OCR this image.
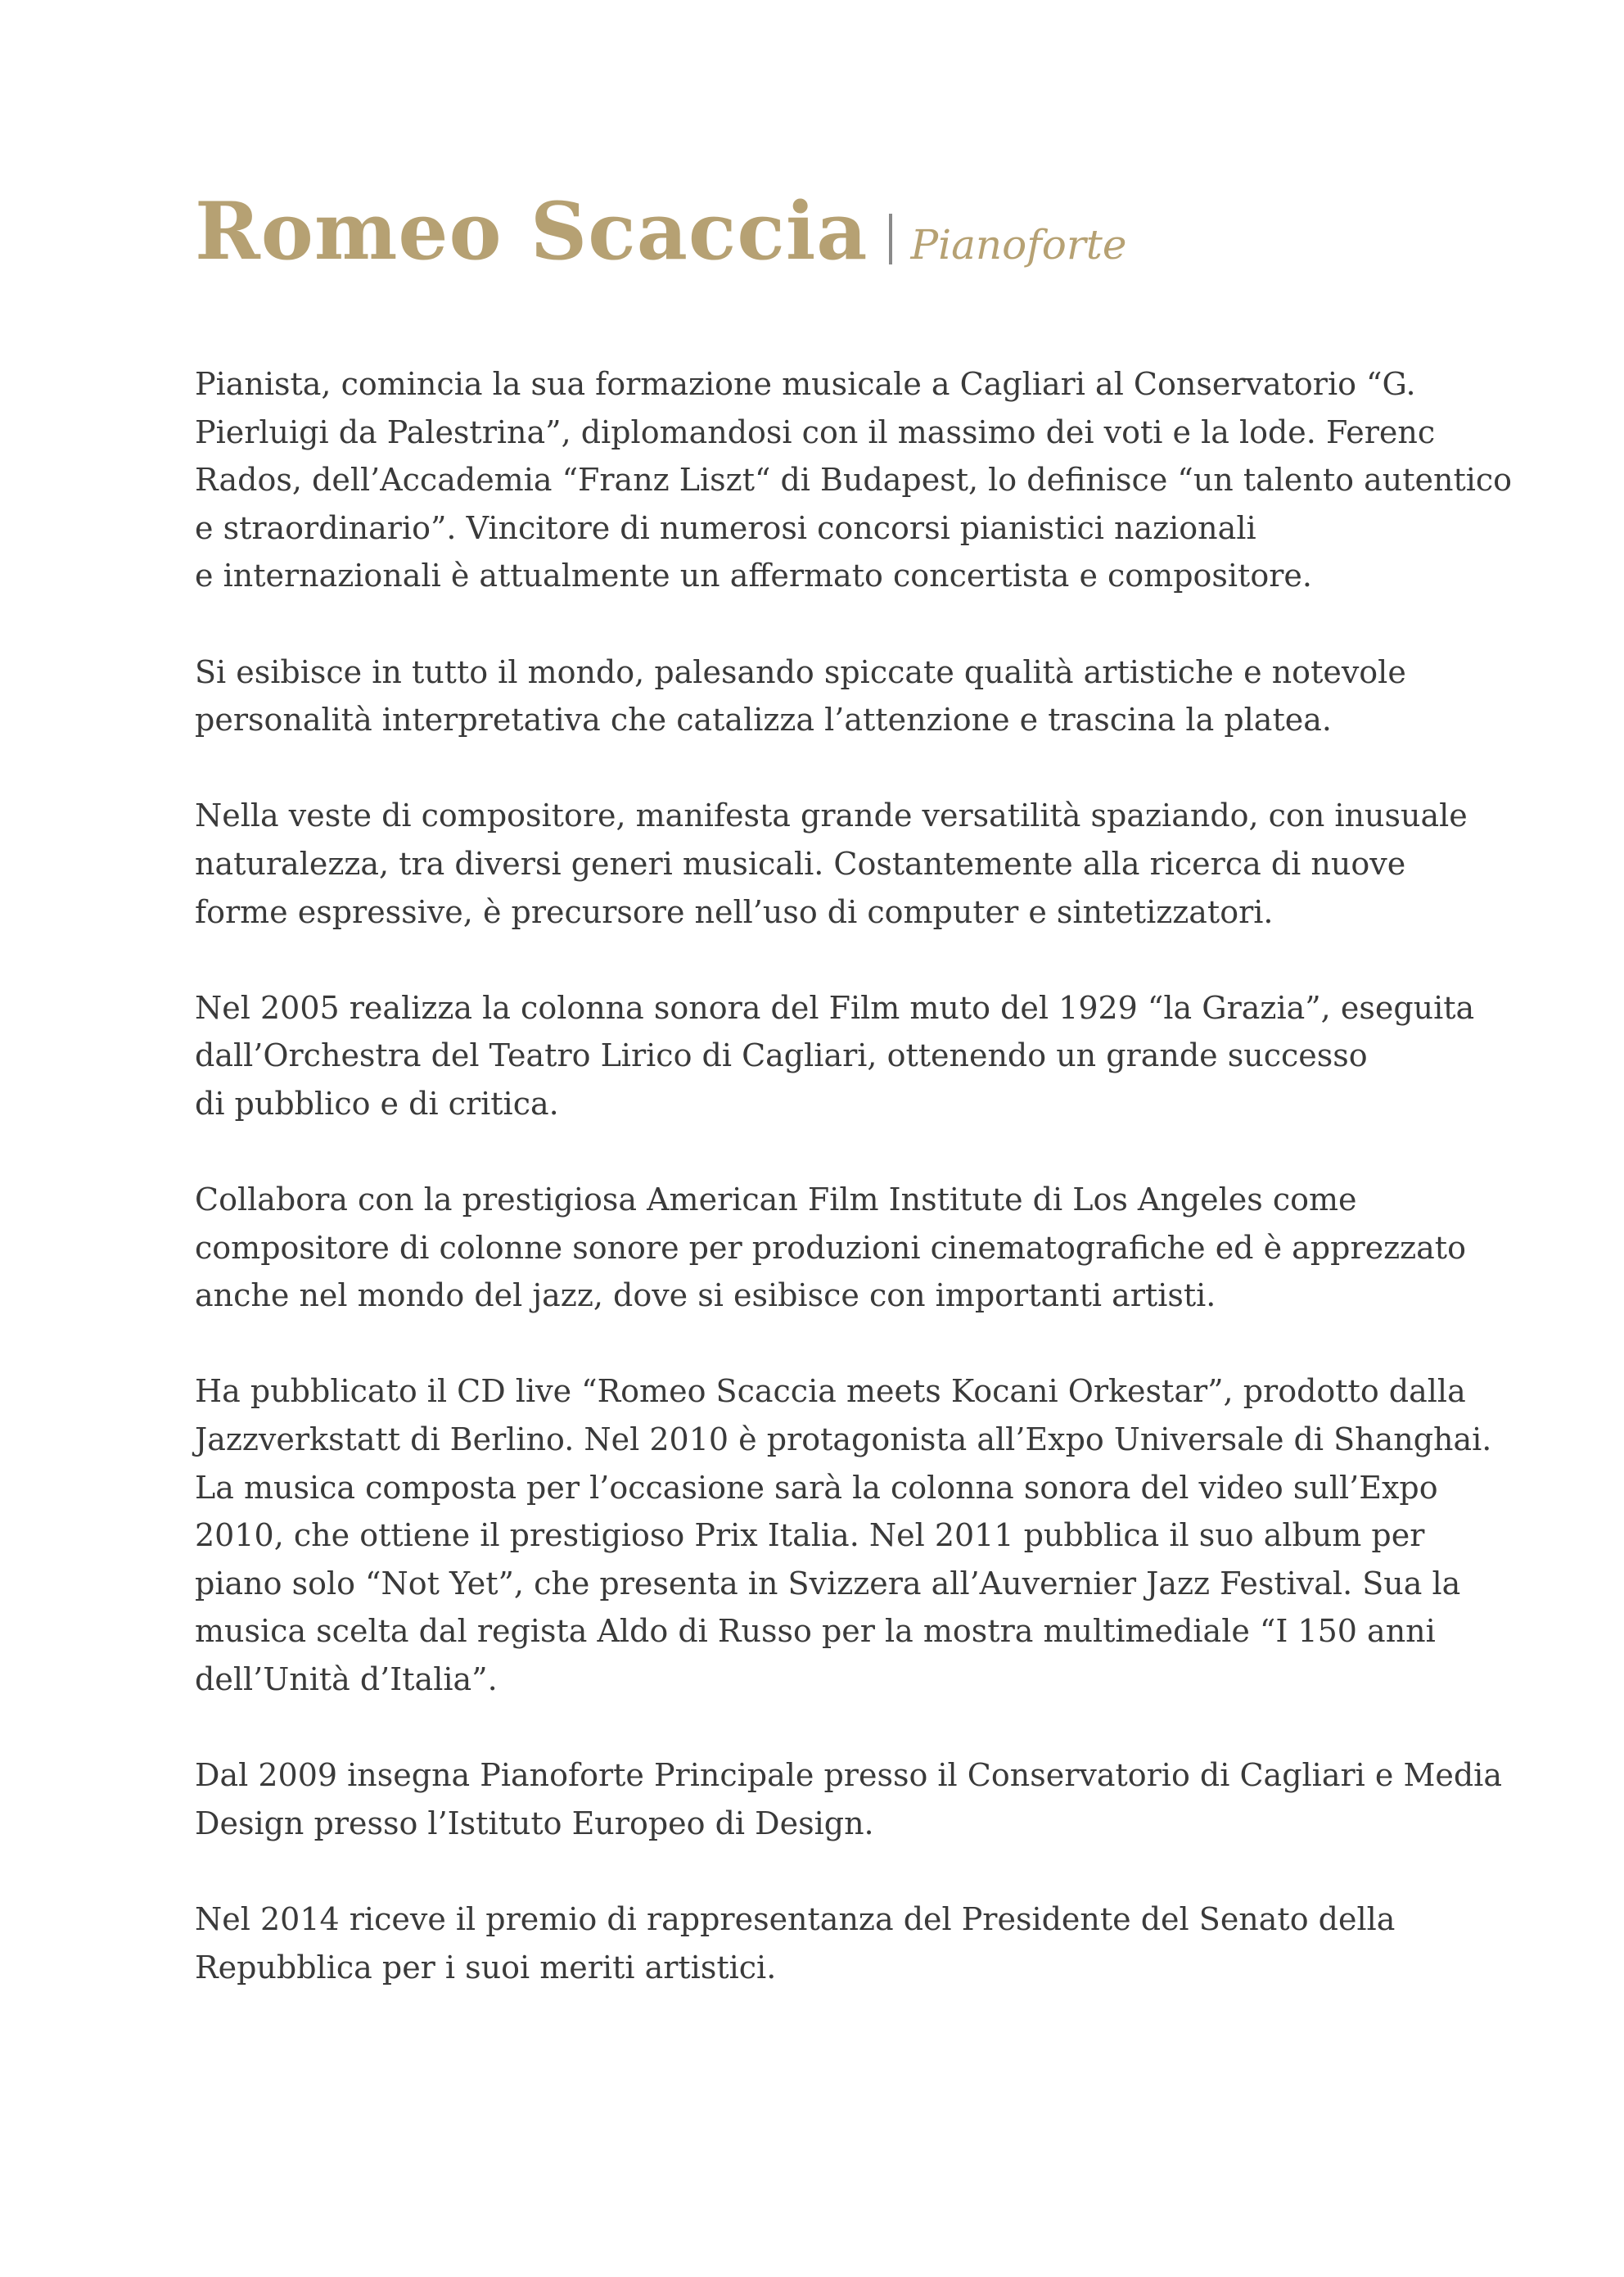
Romeo Scaccia Pianoforte

Pianista, comincia la sua formazione musicale a Cagliari al Conservatorio “G.
Pierluigi da Palestrina”, diplomandosi con il massimo dei voti e la lode. Ferenc
Rados, dell’Accademia “Franz Liszt“ di Budapest, lo definisce “un talento autentico
e straordinario”. Vincitore di numerosi concorsi pianistici nazionali
e internazionali è attualmente un affermato concertista e compositore.

Si esibisce in tutto il mondo, palesando spiccate qualità artistiche e notevole
personalità interpretativa che catalizza l’attenzione e trascina la platea.

Nella veste di compositore, manifesta grande versatilità spaziando, con inusuale
naturalezza, tra diversi generi musicali. Costantemente alla ricerca di nuove
forme espressive, è precursore nell’uso di computer e sintetizzatori.

Nel 2005 realizza la colonna sonora del Film muto del 1929 “la Grazia”, eseguita
dall’Orchestra del Teatro Lirico di Cagliari, ottenendo un grande successo
di pubblico e di critica.

Collabora con la prestigiosa American Film Institute di Los Angeles come
compositore di colonne sonore per produzioni cinematografiche ed è apprezzato
anche nel mondo del jazz, dove si esibisce con importanti artisti.

Ha pubblicato il CD live “Romeo Scaccia meets Kocani Orkestar”, prodotto dalla
Jazzverkstatt di Berlino. Nel 2010 è protagonista all’Expo Universale di Shanghai.
La musica composta per l’occasione sarà la colonna sonora del video sull’Expo
2010, che ottiene il prestigioso Prix Italia. Nel 2011 pubblica il suo album per
piano solo “Not Yet”, che presenta in Svizzera all’Auvernier Jazz Festival. Sua la
musica scelta dal regista Aldo di Russo per la mostra multimediale “I 150 anni
dell’Unità d’Italia”.

Dal 2009 insegna Pianoforte Principale presso il Conservatorio di Cagliari e Media
Design presso l’Istituto Europeo di Design.

Nel 2014 riceve il premio di rappresentanza del Presidente del Senato della
Repubblica per i suoi meriti artistici.
